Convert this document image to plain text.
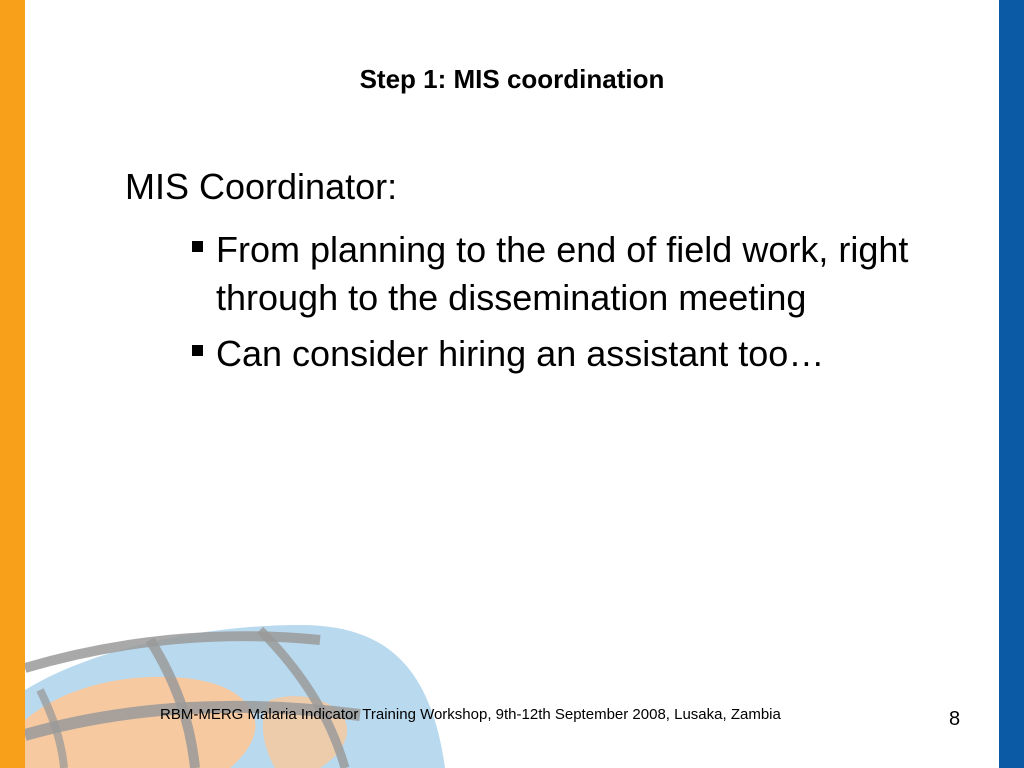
Step 1: MIS coordination
MIS Coordinator:
From planning to the end of field work, right through to the dissemination meeting
Can consider hiring an assistant too…
RBM-MERG Malaria Indicator Training Workshop, 9th-12th September 2008, Lusaka, Zambia	8
